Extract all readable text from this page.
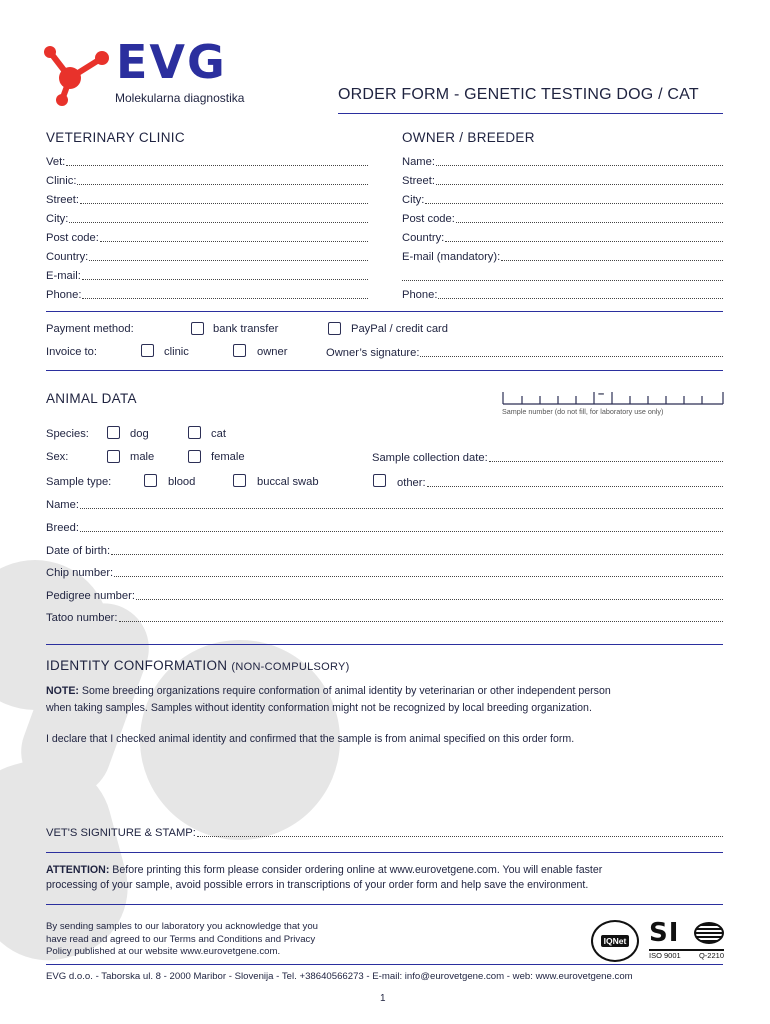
EVG
Molekularna diagnostika	ORDER FORM - GENETIC TESTING DOG / CAT
VETERINARY CLINIC	OWNER / BREEDER
Vet:
Clinic:
Street:
City:
Post code:
Country:
E-mail:
Phone:
Name:
Street:
City:
Post code:
Country:
E-mail (mandatory):
Phone:
Payment method:	bank transfer	PayPal / credit card
Invoice to:	clinic	owner	Owner’s signature:
ANIMAL DATA	–
Sample number (do not fill, for laboratory use only)
Species:	dog	cat
Sex:	male	female	Sample collection date:
Sample type:	blood	buccal swab	other:
Name:
Breed:
Date of birth:
Chip number:
Pedigree number:
Tatoo number:
IDENTITY CONFORMATION (NON-COMPULSORY)
NOTE: Some breeding organizations require conformation of animal identity by veterinarian or other independent person
when taking samples. Samples without identity conformation might not be recognized by local breeding organization.
I declare that I checked animal identity and confirmed that the sample is from animal specified on this order form.
VET'S SIGNITURE & STAMP:
ATTENTION: Before printing this form please consider ordering online at www.eurovetgene.com. You will enable faster
processing of your sample, avoid possible errors in transcriptions of your order form and help save the environment.
By sending samples to our laboratory you acknowledge that you
have read and agreed to our Terms and Conditions and Privacy
Policy published at our website www.eurovetgene.com.
IQNet SI
ISO 9001 Q-2210
EVG d.o.o. - Taborska ul. 8 - 2000 Maribor - Slovenija - Tel. +38640566273 - E-mail: info@eurovetgene.com - web: www.eurovetgene.com
1
